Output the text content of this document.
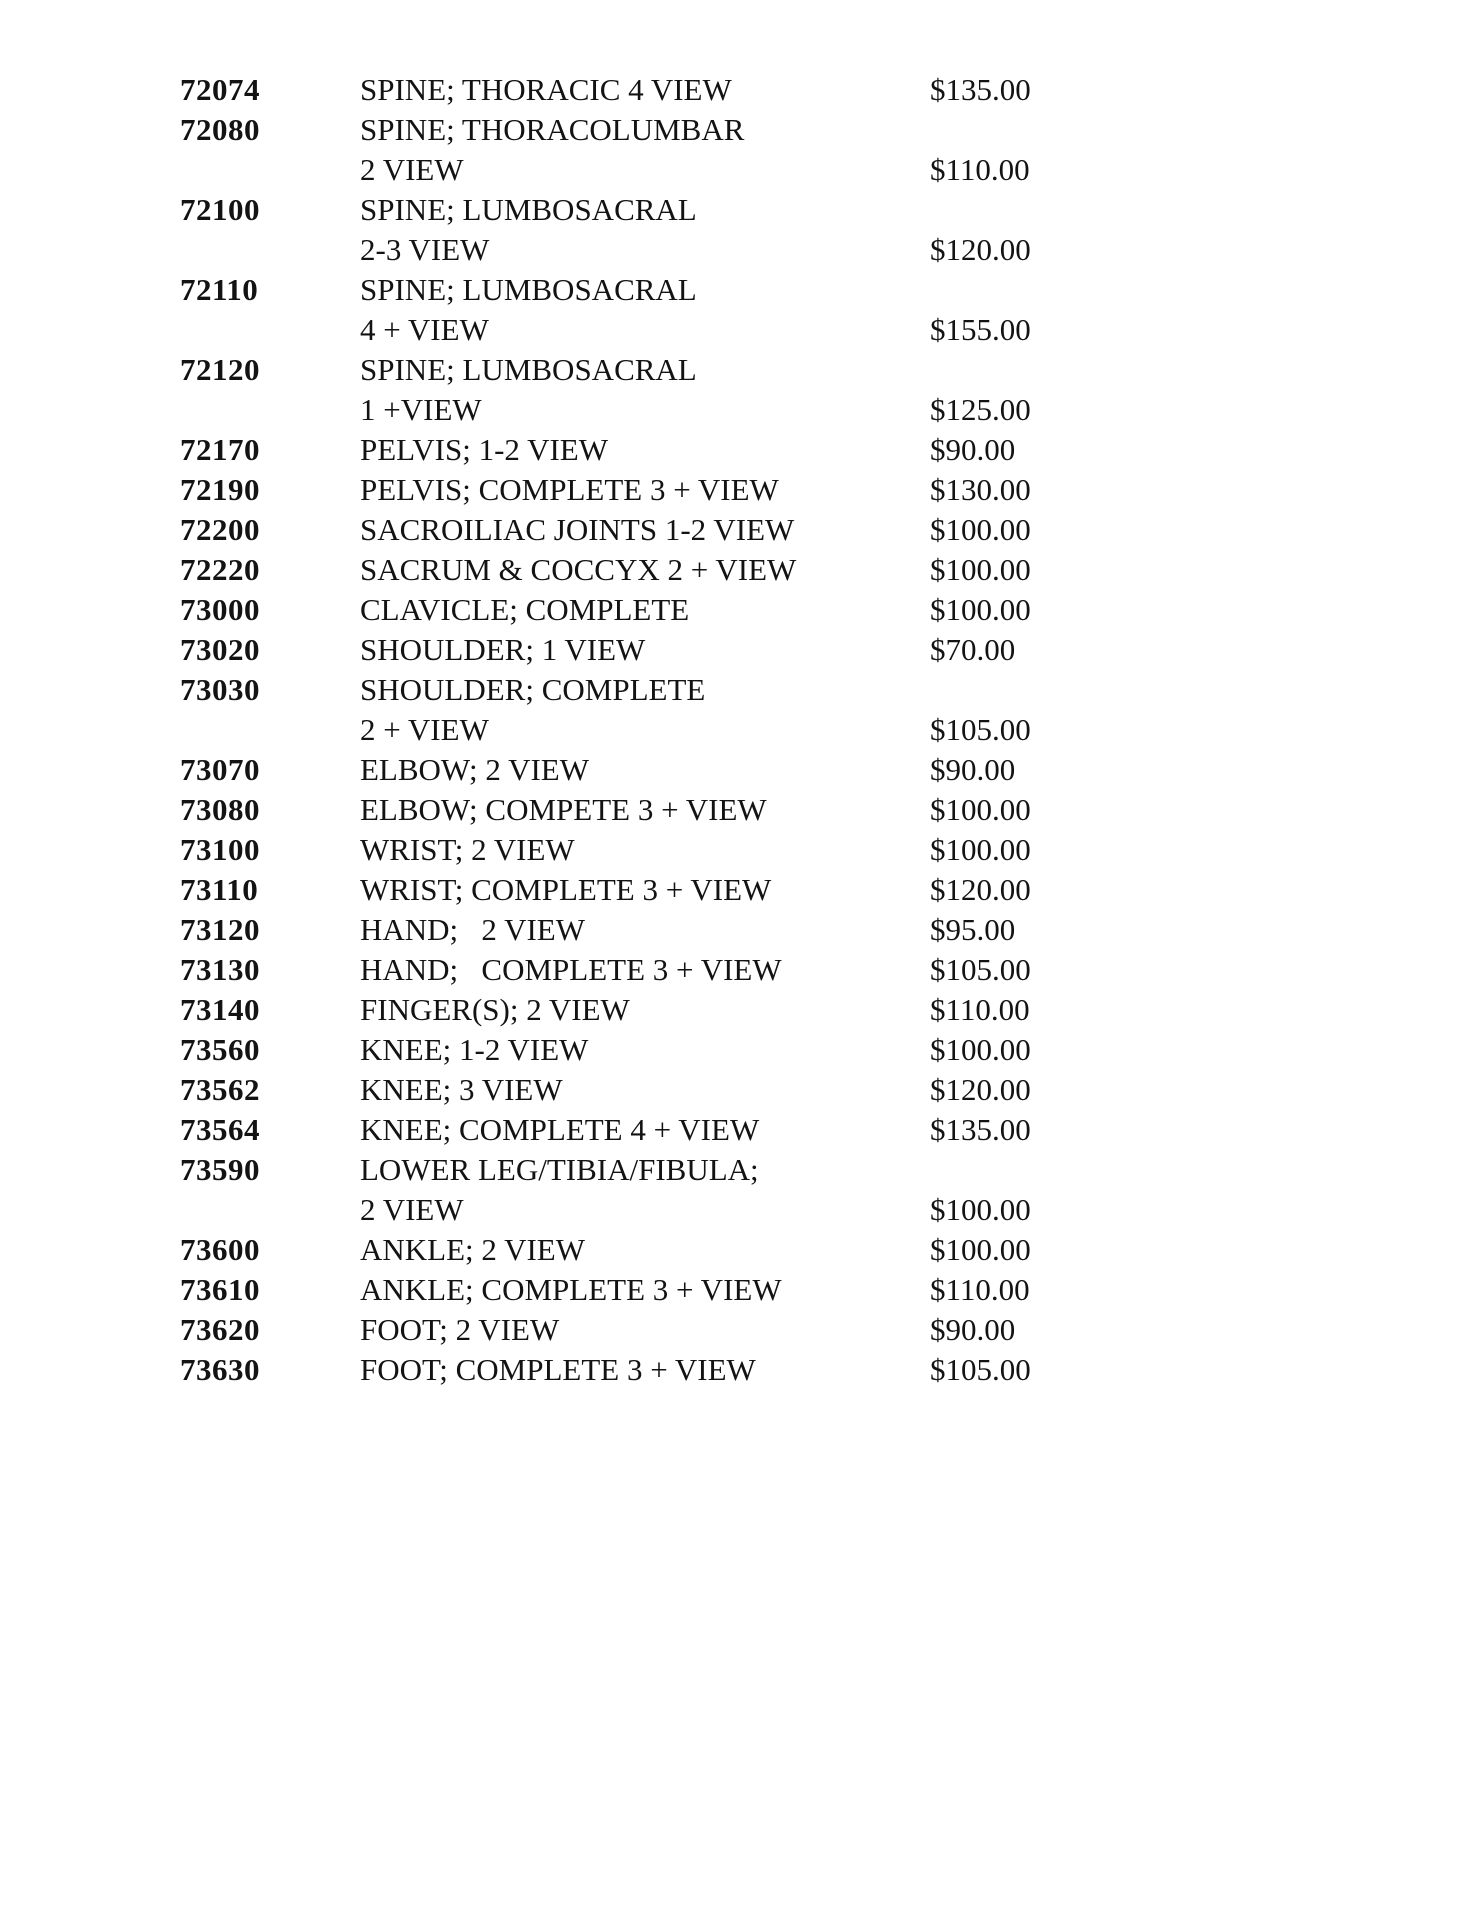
72074	SPINE; THORACIC 4 VIEW	$135.00
72080	SPINE; THORACOLUMBAR
2 VIEW	$110.00
72100	SPINE; LUMBOSACRAL
2-3 VIEW	$120.00
72110	SPINE; LUMBOSACRAL
4 + VIEW	$155.00
72120	SPINE; LUMBOSACRAL
1 +VIEW	$125.00
72170	PELVIS; 1-2 VIEW	$90.00
72190	PELVIS; COMPLETE 3 + VIEW	$130.00
72200	SACROILIAC JOINTS 1-2 VIEW	$100.00
72220	SACRUM & COCCYX 2 + VIEW	$100.00
73000	CLAVICLE; COMPLETE	$100.00
73020	SHOULDER; 1 VIEW	$70.00
73030	SHOULDER; COMPLETE
2 + VIEW	$105.00
73070	ELBOW; 2 VIEW	$90.00
73080	ELBOW; COMPETE 3 + VIEW	$100.00
73100	WRIST; 2 VIEW	$100.00
73110	WRIST; COMPLETE 3 + VIEW	$120.00
73120	HAND;   2 VIEW	$95.00
73130	HAND;   COMPLETE 3 + VIEW	$105.00
73140	FINGER(S); 2 VIEW	$110.00
73560	KNEE; 1-2 VIEW	$100.00
73562	KNEE; 3 VIEW	$120.00
73564	KNEE; COMPLETE 4 + VIEW	$135.00
73590	LOWER LEG/TIBIA/FIBULA;
2 VIEW	$100.00
73600	ANKLE; 2 VIEW	$100.00
73610	ANKLE; COMPLETE 3 + VIEW	$110.00
73620	FOOT; 2 VIEW	$90.00
73630	FOOT; COMPLETE 3 + VIEW	$105.00
